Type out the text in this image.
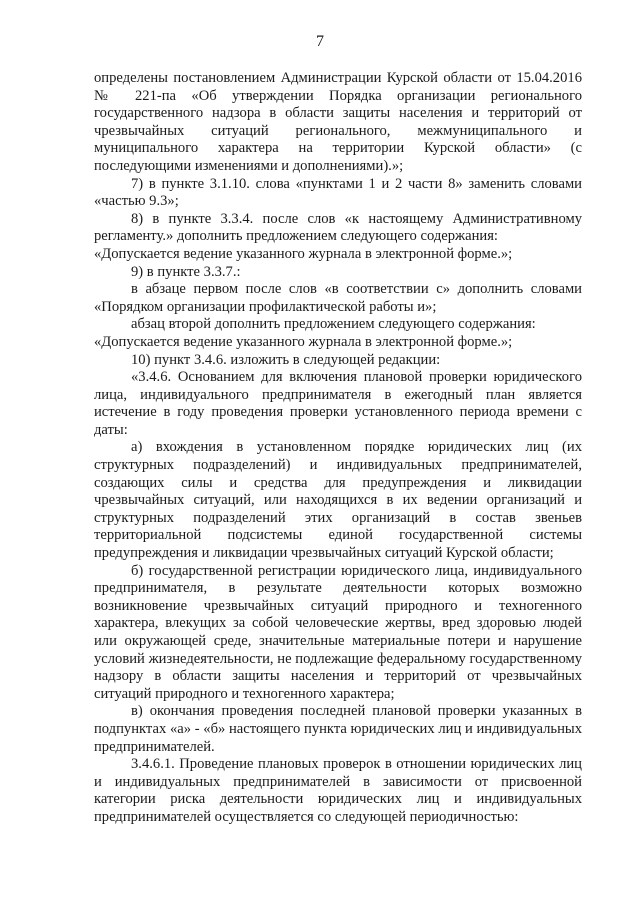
7

определены постановлением Администрации Курской области от 15.04.2016 № 221-па «Об утверждении Порядка организации регионального государственного надзора в области защиты населения и территорий от чрезвычайных ситуаций регионального, межмуниципального и муниципального характера на территории Курской области» (с последующими изменениями и дополнениями).»;

7) в пункте 3.1.10. слова «пунктами 1 и 2 части 8» заменить словами «частью 9.3»;

8) в пункте 3.3.4. после слов «к настоящему Административному регламенту.» дополнить предложением следующего содержания:

«Допускается ведение указанного журнала в электронной форме.»;

9) в пункте 3.3.7.:

в абзаце первом после слов «в соответствии с» дополнить словами «Порядком организации профилактической работы и»;

абзац второй дополнить предложением следующего содержания:

«Допускается ведение указанного журнала в электронной форме.»;

10) пункт 3.4.6. изложить в следующей редакции:

«3.4.6. Основанием для включения плановой проверки юридического лица, индивидуального предпринимателя в ежегодный план является истечение в году проведения проверки установленного периода времени с даты:

а) вхождения в установленном порядке юридических лиц (их структурных подразделений) и индивидуальных предпринимателей, создающих силы и средства для предупреждения и ликвидации чрезвычайных ситуаций, или находящихся в их ведении организаций и структурных подразделений этих организаций в состав звеньев территориальной подсистемы единой государственной системы предупреждения и ликвидации чрезвычайных ситуаций Курской области;

б) государственной регистрации юридического лица, индивидуального предпринимателя, в результате деятельности которых возможно возникновение чрезвычайных ситуаций природного и техногенного характера, влекущих за собой человеческие жертвы, вред здоровью людей или окружающей среде, значительные материальные потери и нарушение условий жизнедеятельности, не подлежащие федеральному государственному надзору в области защиты населения и территорий от чрезвычайных ситуаций природного и техногенного характера;

в) окончания проведения последней плановой проверки указанных в подпунктах «а» - «б» настоящего пункта юридических лиц и индивидуальных предпринимателей.

3.4.6.1. Проведение плановых проверок в отношении юридических лиц и индивидуальных предпринимателей в зависимости от присвоенной категории риска деятельности юридических лиц и индивидуальных предпринимателей осуществляется со следующей периодичностью:
